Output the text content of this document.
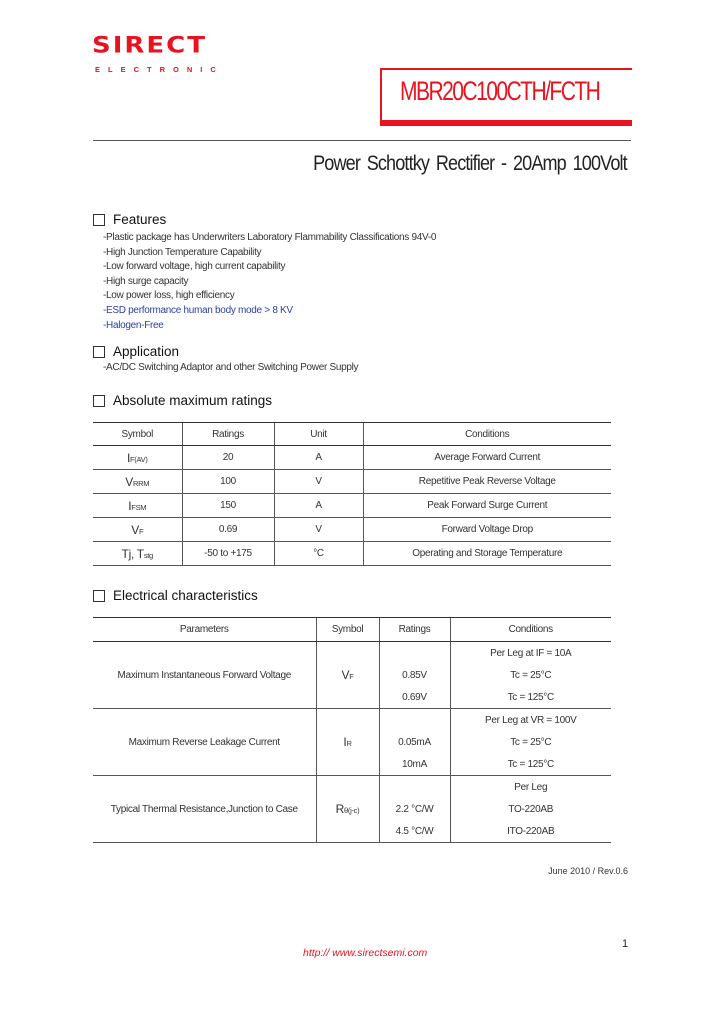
SIRECT
ELECTRONIC
MBR20C100CTH/FCTH
Power Schottky Rectifier - 20Amp 100Volt
Features
-Plastic package has Underwriters Laboratory Flammability Classifications 94V-0
-High Junction Temperature Capability
-Low forward voltage, high current capability
-High surge capacity
-Low power loss, high efficiency
-ESD performance human body mode > 8 KV
-Halogen-Free
Application
-AC/DC Switching Adaptor and other Switching Power Supply
Absolute maximum ratings
Symbol	Ratings	Unit	Conditions
IF(AV)	20	A	Average Forward Current
VRRM	100	V	Repetitive Peak Reverse Voltage
IFSM	150	A	Peak Forward Surge Current
VF	0.69	V	Forward Voltage Drop
Tj, Tstg	-50 to +175	°C	Operating and Storage Temperature
Electrical characteristics
Parameters	Symbol	Ratings	Conditions
Maximum Instantaneous Forward Voltage	VF		Per Leg at IF = 10A
		0.85V	Tc = 25°C
		0.69V	Tc = 125°C
Maximum Reverse Leakage Current	IR		Per Leg at VR = 100V
		0.05mA	Tc = 25°C
		10mA	Tc = 125°C
Typical Thermal Resistance,Junction to Case	Rθ(j-c)		Per Leg
		2.2 °C/W	TO-220AB
		4.5 °C/W	ITO-220AB
June 2010 / Rev.0.6
1
http:// www.sirectsemi.com
